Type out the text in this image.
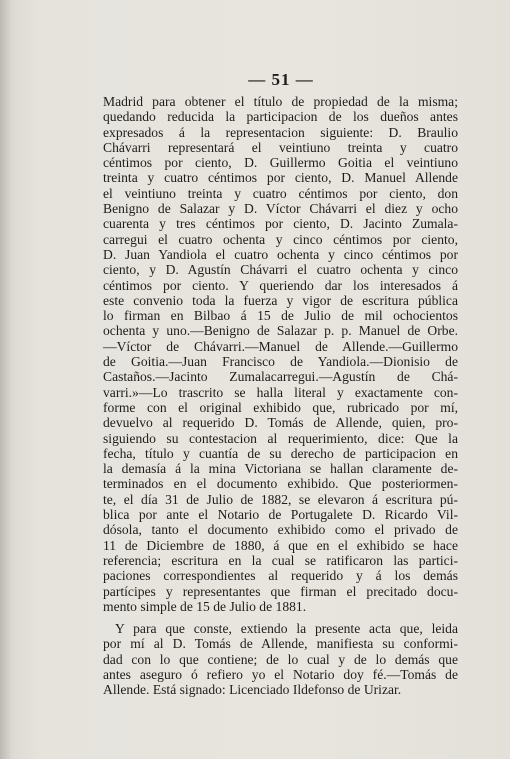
— 51 —
Madrid para obtener el título de propiedad de la misma;
quedando reducida la participacion de los dueños antes
expresados á la representacion siguiente: D. Braulio
Chávarri representará el veintiuno treinta y cuatro
céntimos por ciento, D. Guillermo Goitia el veintiuno
treinta y cuatro céntimos por ciento, D. Manuel Allende
el veintiuno treinta y cuatro céntimos por ciento, don
Benigno de Salazar y D. Víctor Chávarri el diez y ocho
cuarenta y tres céntimos por ciento, D. Jacinto Zumala-
carregui el cuatro ochenta y cinco céntimos por ciento,
D. Juan Yandiola el cuatro ochenta y cinco céntimos por
ciento, y D. Agustín Chávarri el cuatro ochenta y cinco
céntimos por ciento. Y queriendo dar los interesados á
este convenio toda la fuerza y vigor de escritura pública
lo firman en Bilbao á 15 de Julio de mil ochocientos
ochenta y uno.—Benigno de Salazar p. p. Manuel de Orbe.
—Víctor de Chávarri.—Manuel de Allende.—Guillermo
de Goitia.—Juan Francisco de Yandiola.—Dionisio de
Castaños.—Jacinto Zumalacarregui.—Agustín de Chá-
varri.»—Lo trascrito se halla literal y exactamente con-
forme con el original exhibido que, rubricado por mí,
devuelvo al requerido D. Tomás de Allende, quien, pro-
siguiendo su contestacion al requerimiento, dice: Que la
fecha, título y cuantía de su derecho de participacion en
la demasía á la mina Victoriana se hallan claramente de-
terminados en el documento exhibido. Que posteriormen-
te, el día 31 de Julio de 1882, se elevaron á escritura pú-
blica por ante el Notario de Portugalete D. Ricardo Vil-
dósola, tanto el documento exhibido como el privado de
11 de Diciembre de 1880, á que en el exhibido se hace
referencia; escritura en la cual se ratificaron las partici-
paciones correspondientes al requerido y á los demás
partícipes y representantes que firman el precitado docu-
mento simple de 15 de Julio de 1881.
Y para que conste, extiendo la presente acta que, leida
por mí al D. Tomás de Allende, manifiesta su conformi-
dad con lo que contiene; de lo cual y de lo demás que
antes aseguro ó refiero yo el Notario doy fé.—Tomás de
Allende. Está signado: Licenciado Ildefonso de Urizar.
